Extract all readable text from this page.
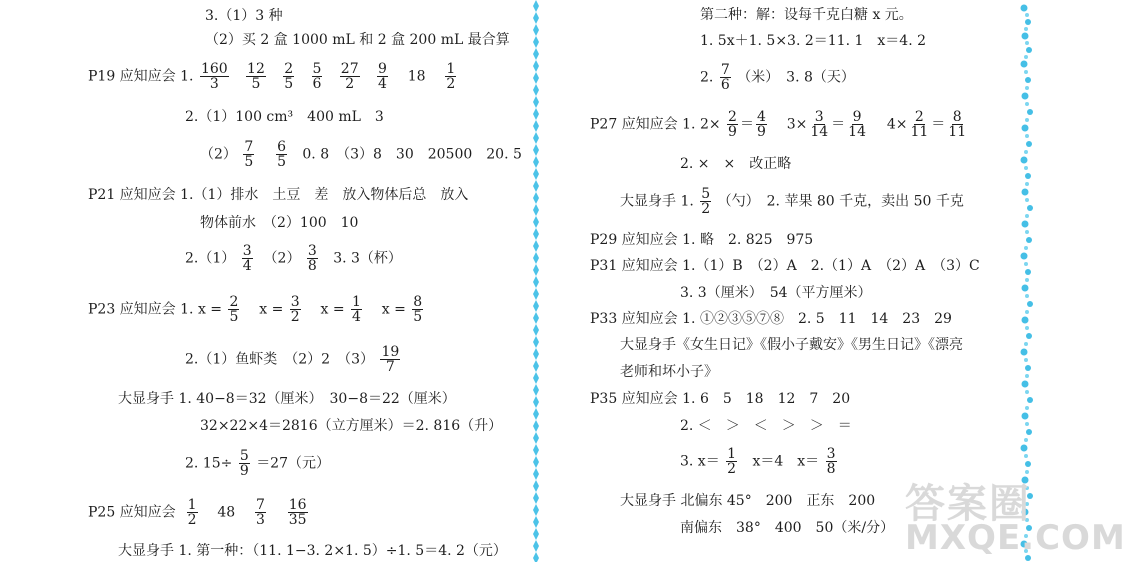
3.（1）3 种
（2）买 2 盒 1000 mL 和 2 盒 200 mL 最合算
P19 应知应会 1. $\frac{160}{3}$
$\frac{12}{5}$
$\frac{2}{5}$
$\frac{5}{6}$
$\frac{27}{2}$
$\frac{9}{4} 18 \frac{1}{2}$
2.（1）100 cm³　400 mL　3
$(2) \frac{7}{5}$
$\frac{6}{5} 0$. 8　（3）8　30　20500　20. 5
P21 应知应会 1.（1）排水　土豆　差　放入物体后总　放入
物体前水　（2）100　10
$2.(1) \frac{3}{4} (2) \frac{3}{8} 3$. 3（杯）
P23 应知应会 1. $x = \frac{2}{5}$ $x = \frac{3}{2}$ $x = \frac{1}{4}$ $x = \frac{8}{5}$
2.（1）鱼虾类　（2）2　$(3) \frac{19}{7}$
大显身手 1. 40−8＝32（厘米）　30−8＝22（厘米）
32×22×4＝2816（立方厘米）＝2. 816（升）
2. $15\div \frac{5}{9} =27$（元）
P25 应知应会 $\frac{1}{2} 48 \frac{7}{3}$
$\frac{16}{35}$
大显身手 1. 第一种：（11. 1−3. 2×1. 5）÷1. 5＝4. 2（元）
第二种：解：设每千克白糖 x 元。
1. 5x＋1. 5×3. 2＝11. 1　x＝4. 2
2. $\frac{7}{6}$ （米）　3. 8（天）
P27 应知应会 1. $2\times \frac{2}{9} = \frac{4}{9} 3\times \frac{3}{14} = \frac{9}{14} 4\times \frac{2}{11} = \frac{8}{11}$
2. ×　×　改正略
大显身手 1. $\frac{5}{2}$ （勺）　2. 苹果 80 千克，卖出 50 千克
P29 应知应会 1. 略　2. 825　975
P31 应知应会 1.（1）B　（2）A　2.（1）A　（2）A　（3）C
3. 3（厘米）　54（平方厘米）
P33 应知应会 1. ①②③⑤⑦⑧　2. 5　11　14　23　29
大显身手《女生日记》《假小子戴安》《男生日记》《漂亮
老师和坏小子》
P35 应知应会 1. 6　5　18　12　7　20
2. ＜　＞　＜　＞　＞　＝
3. $x= \frac{1}{2} x=4$　$x= \frac{3}{8}$
大显身手 北偏东 45°　200　正东　200
南偏东　38°　400　50（米/分）
答案圈
MXQE.COM
